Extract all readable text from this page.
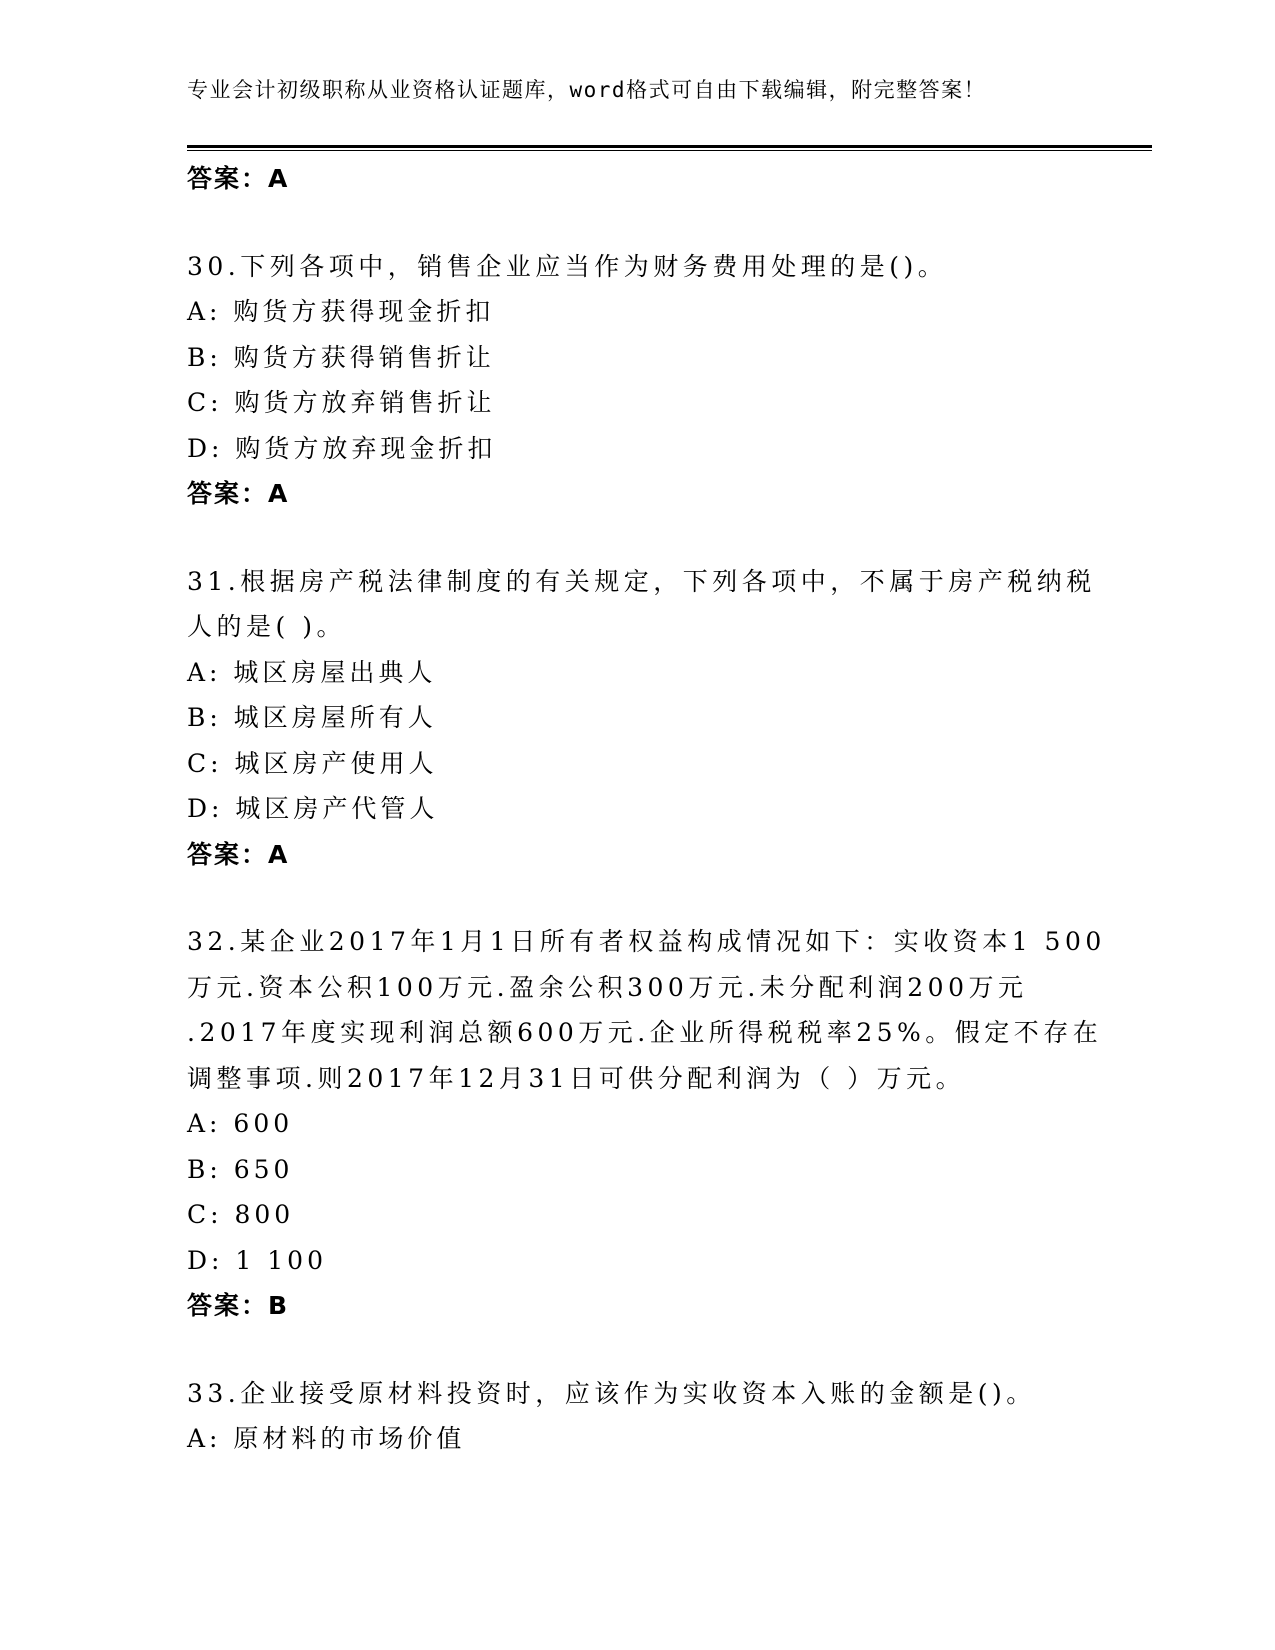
专业会计初级职称从业资格认证题库，word格式可自由下载编辑，附完整答案！
答案：A
30.下列各项中，销售企业应当作为财务费用处理的是()。
A: 购货方获得现金折扣
B: 购货方获得销售折让
C: 购货方放弃销售折让
D: 购货方放弃现金折扣
答案：A
31.根据房产税法律制度的有关规定，下列各项中，不属于房产税纳税
人的是( )。
A: 城区房屋出典人
B: 城区房屋所有人
C: 城区房产使用人
D: 城区房产代管人
答案：A
32.某企业2017年1月1日所有者权益构成情况如下：实收资本1 500
万元.资本公积100万元.盈余公积300万元.未分配利润200万元
.2017年度实现利润总额600万元.企业所得税税率25%。假定不存在
调整事项.则2017年12月31日可供分配利润为（ ）万元。
A: 600
B: 650
C: 800
D: 1 100
答案：B
33.企业接受原材料投资时，应该作为实收资本入账的金额是()。
A: 原材料的市场价值
